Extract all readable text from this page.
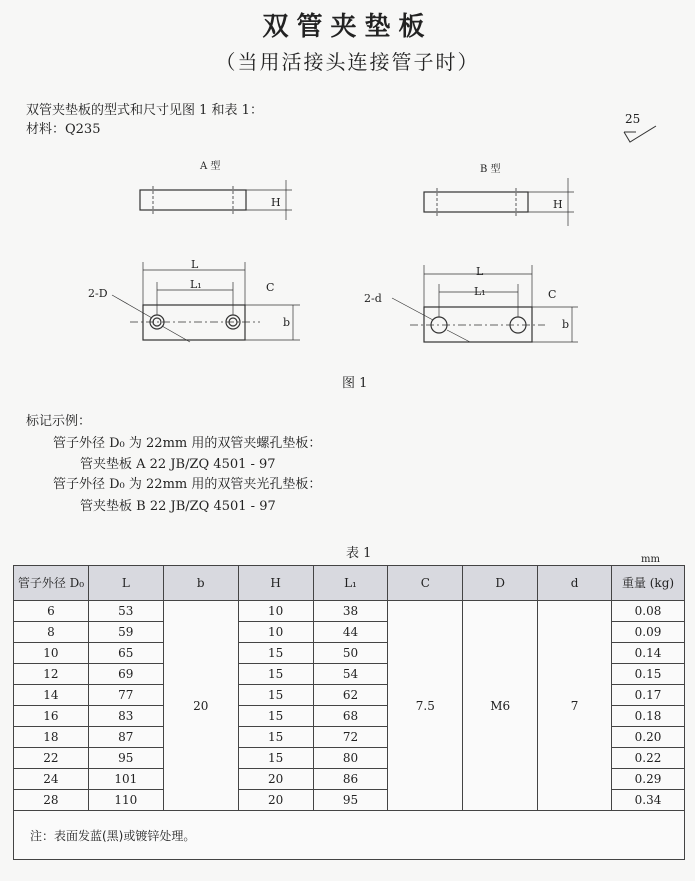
双管夹垫板
（当用活接头连接管子时）
双管夹垫板的型式和尺寸见图 1 和表 1：
材料：Q235
25
A 型	B 型
H	H
L
L₁	C
b
2-D
L
L₁	C
b
2-d
图 1
标记示例：
管子外径 D₀ 为 22mm 用的双管夹螺孔垫板：
管夹垫板 A 22 JB/ZQ 4501 - 97
管子外径 D₀ 为 22mm 用的双管夹光孔垫板：
管夹垫板 B 22 JB/ZQ 4501 - 97
表 1	mm
管子外径 D₀	L	b	H	L₁	C	D	d	重量 (kg)
6	53	20	10	38	7.5	M6	7	0.08
8	59		10	44				0.09
10	65		15	50				0.14
12	69		15	54				0.15
14	77		15	62				0.17
16	83		15	68				0.18
18	87		15	72				0.20
22	95		15	80				0.22
24	101		20	86				0.29
28	110		20	95				0.34
注：表面发蓝(黑)或镀锌处理。								
